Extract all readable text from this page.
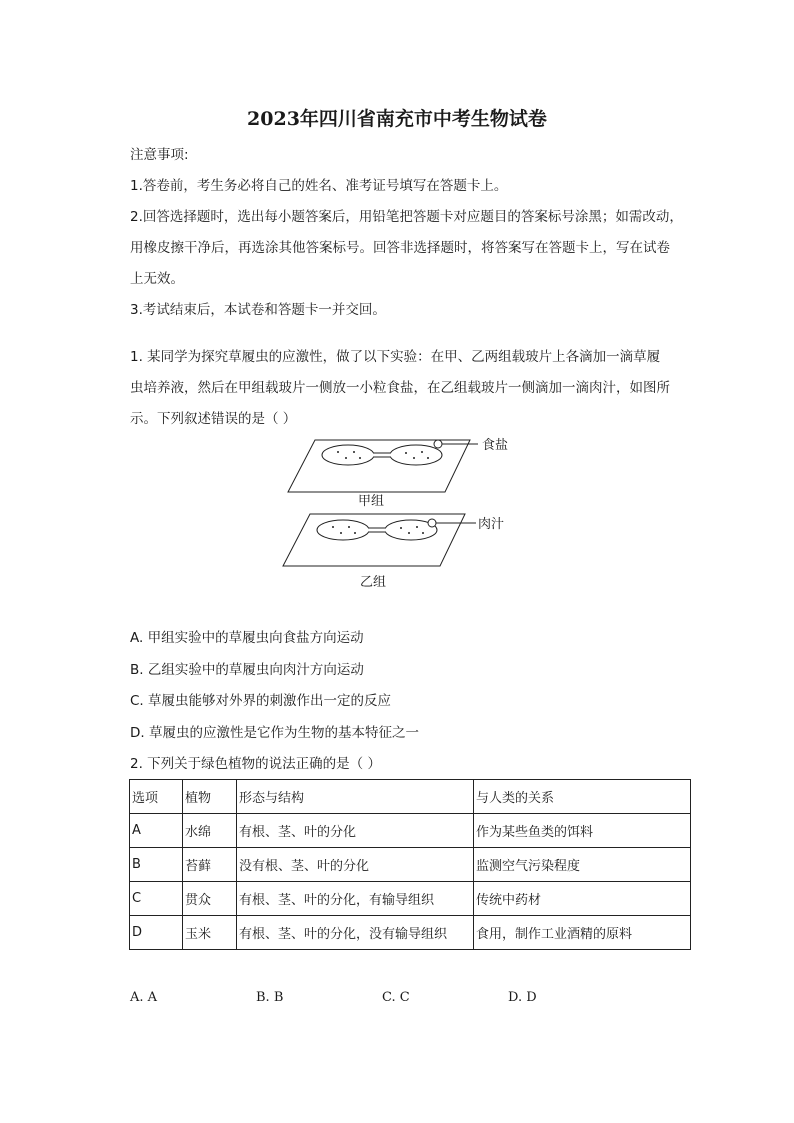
2023年四川省南充市中考生物试卷
注意事项:
1.答卷前，考生务必将自己的姓名、准考证号填写在答题卡上。
2.回答选择题时，选出每小题答案后，用铅笔把答题卡对应题目的答案标号涂黑；如需改动，
用橡皮擦干净后，再选涂其他答案标号。回答非选择题时，将答案写在答题卡上，写在试卷
上无效。
3.考试结束后，本试卷和答题卡一并交回。
1. 某同学为探究草履虫的应激性，做了以下实验：在甲、乙两组载玻片上各滴加一滴草履
虫培养液，然后在甲组载玻片一侧放一小粒食盐，在乙组载玻片一侧滴加一滴肉汁，如图所
示。下列叙述错误的是（ ）
食盐
甲组
肉汁
乙组
A. 甲组实验中的草履虫向食盐方向运动
B. 乙组实验中的草履虫向肉汁方向运动
C. 草履虫能够对外界的刺激作出一定的反应
D. 草履虫的应激性是它作为生物的基本特征之一
2. 下列关于绿色植物的说法正确的是（ ）
选项	植物	形态与结构	与人类的关系
A	水绵	有根、茎、叶的分化	作为某些鱼类的饵料
B	苔藓	没有根、茎、叶的分化	监测空气污染程度
C	贯众	有根、茎、叶的分化，有输导组织	传统中药材
D	玉米	有根、茎、叶的分化，没有输导组织	食用，制作工业酒精的原料
A. A	B. B	C. C	D. D
